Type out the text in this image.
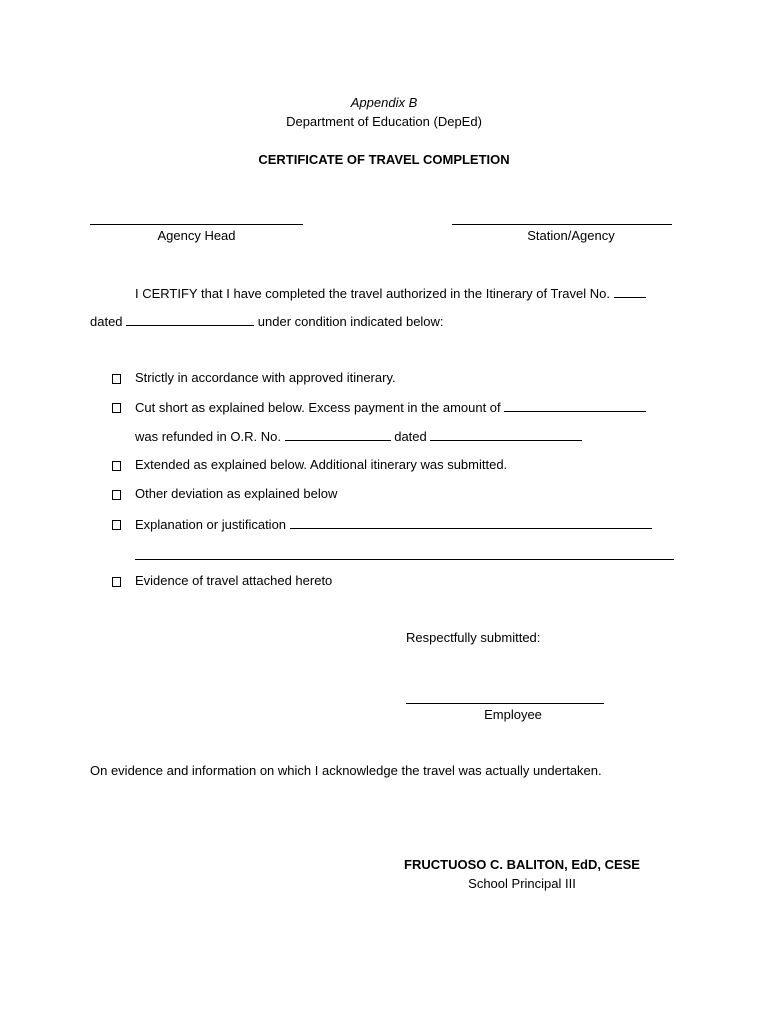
Appendix B
Department of Education (DepEd)
CERTIFICATE OF TRAVEL COMPLETION
Agency Head	Station/Agency
I CERTIFY that I have completed the travel authorized in the Itinerary of Travel No.
dated	under condition indicated below:
Strictly in accordance with approved itinerary.
Cut short as explained below. Excess payment in the amount of
was refunded in O.R. No.	dated
Extended as explained below. Additional itinerary was submitted.
Other deviation as explained below
Explanation or justification
Evidence of travel attached hereto
Respectfully submitted:
Employee
On evidence and information on which I acknowledge the travel was actually undertaken.
FRUCTUOSO C. BALITON, EdD, CESE
School Principal III
